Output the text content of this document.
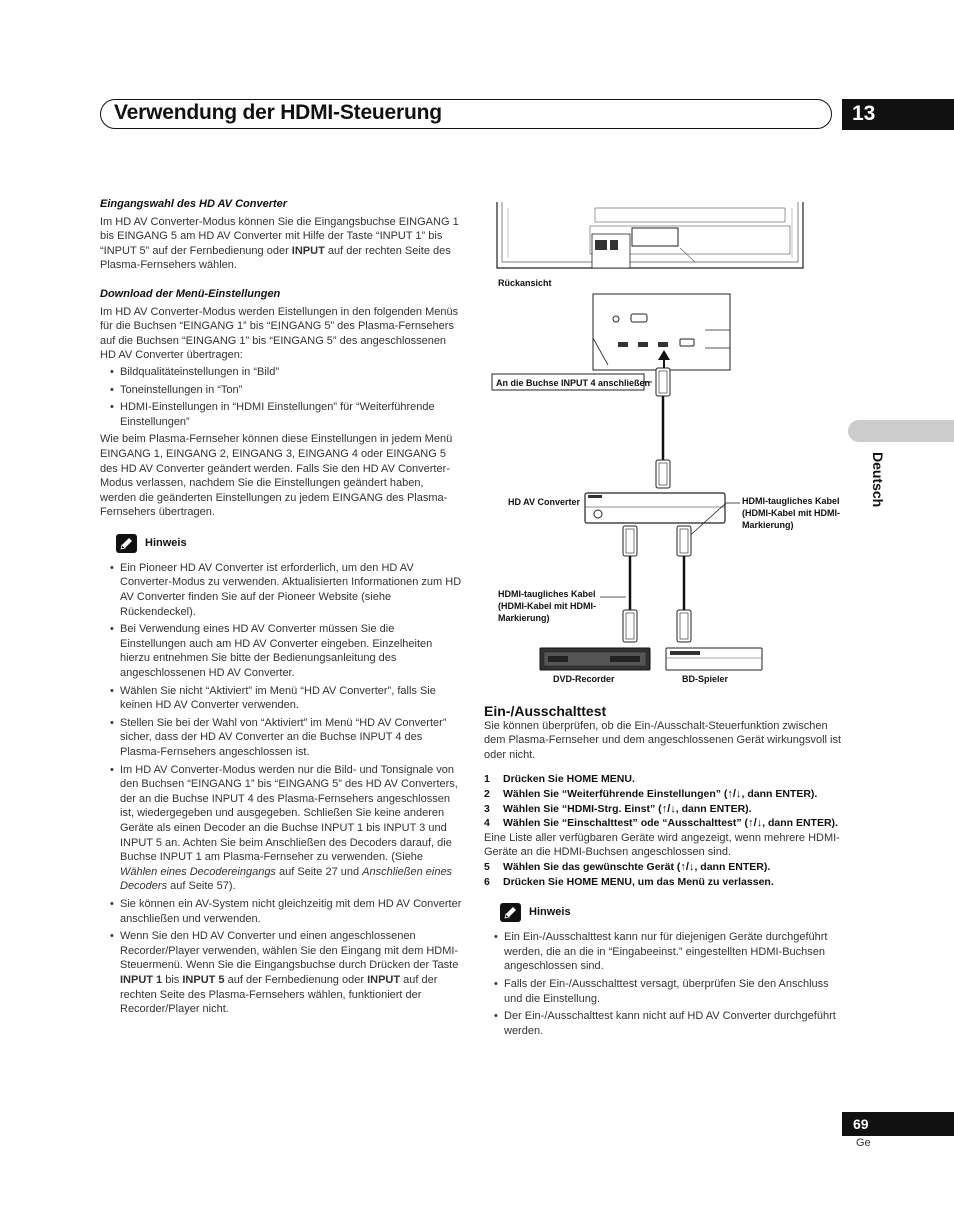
Verwendung der HDMI-Steuerung	13
Deutsch

Eingangswahl des HD AV Converter

Im HD AV Converter-Modus können Sie die Eingangsbuchse EINGANG 1 bis EINGANG 5 am HD AV Converter mit Hilfe der Taste “INPUT 1” bis “INPUT 5” auf der Fernbedienung oder INPUT auf der rechten Seite des Plasma-Fernsehers wählen.

Download der Menü-Einstellungen

Im HD AV Converter-Modus werden Eistellungen in den folgenden Menüs für die Buchsen “EINGANG 1” bis “EINGANG 5” des Plasma-Fernsehers auf die Buchsen “EINGANG 1” bis “EINGANG 5” des angeschlossenen HD AV Converter übertragen:

• Bildqualitäteinstellungen in “Bild”
• Toneinstellungen in “Ton”
• HDMI-Einstellungen in “HDMI Einstellungen” für “Weiterführende Einstellungen”

Wie beim Plasma-Fernseher können diese Einstellungen in jedem Menü EINGANG 1, EINGANG 2, EINGANG 3, EINGANG 4 oder EINGANG 5 des HD AV Converter geändert werden. Falls Sie den HD AV Converter-Modus verlassen, nachdem Sie die Einstellungen geändert haben, werden die geänderten Einstellungen zu jedem EINGANG des Plasma-Fernsehers übertragen.

Hinweis
• Ein Pioneer HD AV Converter ist erforderlich, um den HD AV Converter-Modus zu verwenden. Aktualisierten Informationen zum HD AV Converter finden Sie auf der Pioneer Website (siehe Rückendeckel).
• Bei Verwendung eines HD AV Converter müssen Sie die Einstellungen auch am HD AV Converter eingeben. Einzelheiten hierzu entnehmen Sie bitte der Bedienungsanleitung des angeschlossenen HD AV Converter.
• Wählen Sie nicht “Aktiviert” im Menü “HD AV Converter”, falls Sie keinen HD AV Converter verwenden.
• Stellen Sie bei der Wahl von “Aktiviert” im Menü “HD AV Converter” sicher, dass der HD AV Converter an die Buchse INPUT 4 des Plasma-Fernsehers angeschlossen ist.
• Im HD AV Converter-Modus werden nur die Bild- und Tonsignale von den Buchsen “EINGANG 1” bis “EINGANG 5” des HD AV Converters, der an die Buchse INPUT 4 des Plasma-Fernsehers angeschlossen ist, wiedergegeben und ausgegeben. Schließen Sie keine anderen Geräte als einen Decoder an die Buchse INPUT 1 bis INPUT 3 und INPUT 5 an. Achten Sie beim Anschließen des Decoders darauf, die Buchse INPUT 1 am Plasma-Fernseher zu verwenden. (Siehe Wählen eines Decodereingangs auf Seite 27 und Anschließen eines Decoders auf Seite 57).
• Sie können ein AV-System nicht gleichzeitig mit dem HD AV Converter anschließen und verwenden.
• Wenn Sie den HD AV Converter und einen angeschlossenen Recorder/Player verwenden, wählen Sie den Eingang mit dem HDMI-Steuermenü. Wenn Sie die Eingangsbuchse durch Drücken der Taste INPUT 1 bis INPUT 5 auf der Fernbedienung oder INPUT auf der rechten Seite des Plasma-Fernsehers wählen, funktioniert der Recorder/Player nicht.
Rückansicht
An die Buchse INPUT 4 anschließen
HD AV Converter	HDMI-taugliches Kabel
(HDMI-Kabel mit HDMI-
Markierung)
HDMI-taugliches Kabel
(HDMI-Kabel mit HDMI-
Markierung)
DVD-Recorder	BD-Spieler

Ein-/Ausschalttest

Sie können überprüfen, ob die Ein-/Ausschalt-Steuerfunktion zwischen dem Plasma-Fernseher und dem angeschlossenen Gerät wirkungsvoll ist oder nicht.

1	Drücken Sie HOME MENU.

2	Wählen Sie “Weiterführende Einstellungen” (↑/↓, dann ENTER).

3	Wählen Sie “HDMI-Strg. Einst” (↑/↓, dann ENTER).

4	Wählen Sie “Einschalttest” ode “Ausschalttest” (↑/↓, dann ENTER).

Eine Liste aller verfügbaren Geräte wird angezeigt, wenn mehrere HDMI-Geräte an die HDMI-Buchsen angeschlossen sind.

5	Wählen Sie das gewünschte Gerät (↑/↓, dann ENTER).

6	Drücken Sie HOME MENU, um das Menü zu verlassen.

Hinweis
• Ein Ein-/Ausschalttest kann nur für diejenigen Geräte durchgeführt werden, die an die in “Eingabeeinst.” eingestellten HDMI-Buchsen angeschlossen sind.
• Falls der Ein-/Ausschalttest versagt, überprüfen Sie den Anschluss und die Einstellung.
• Der Ein-/Ausschalttest kann nicht auf HD AV Converter durchgeführt werden.
69
Ge
